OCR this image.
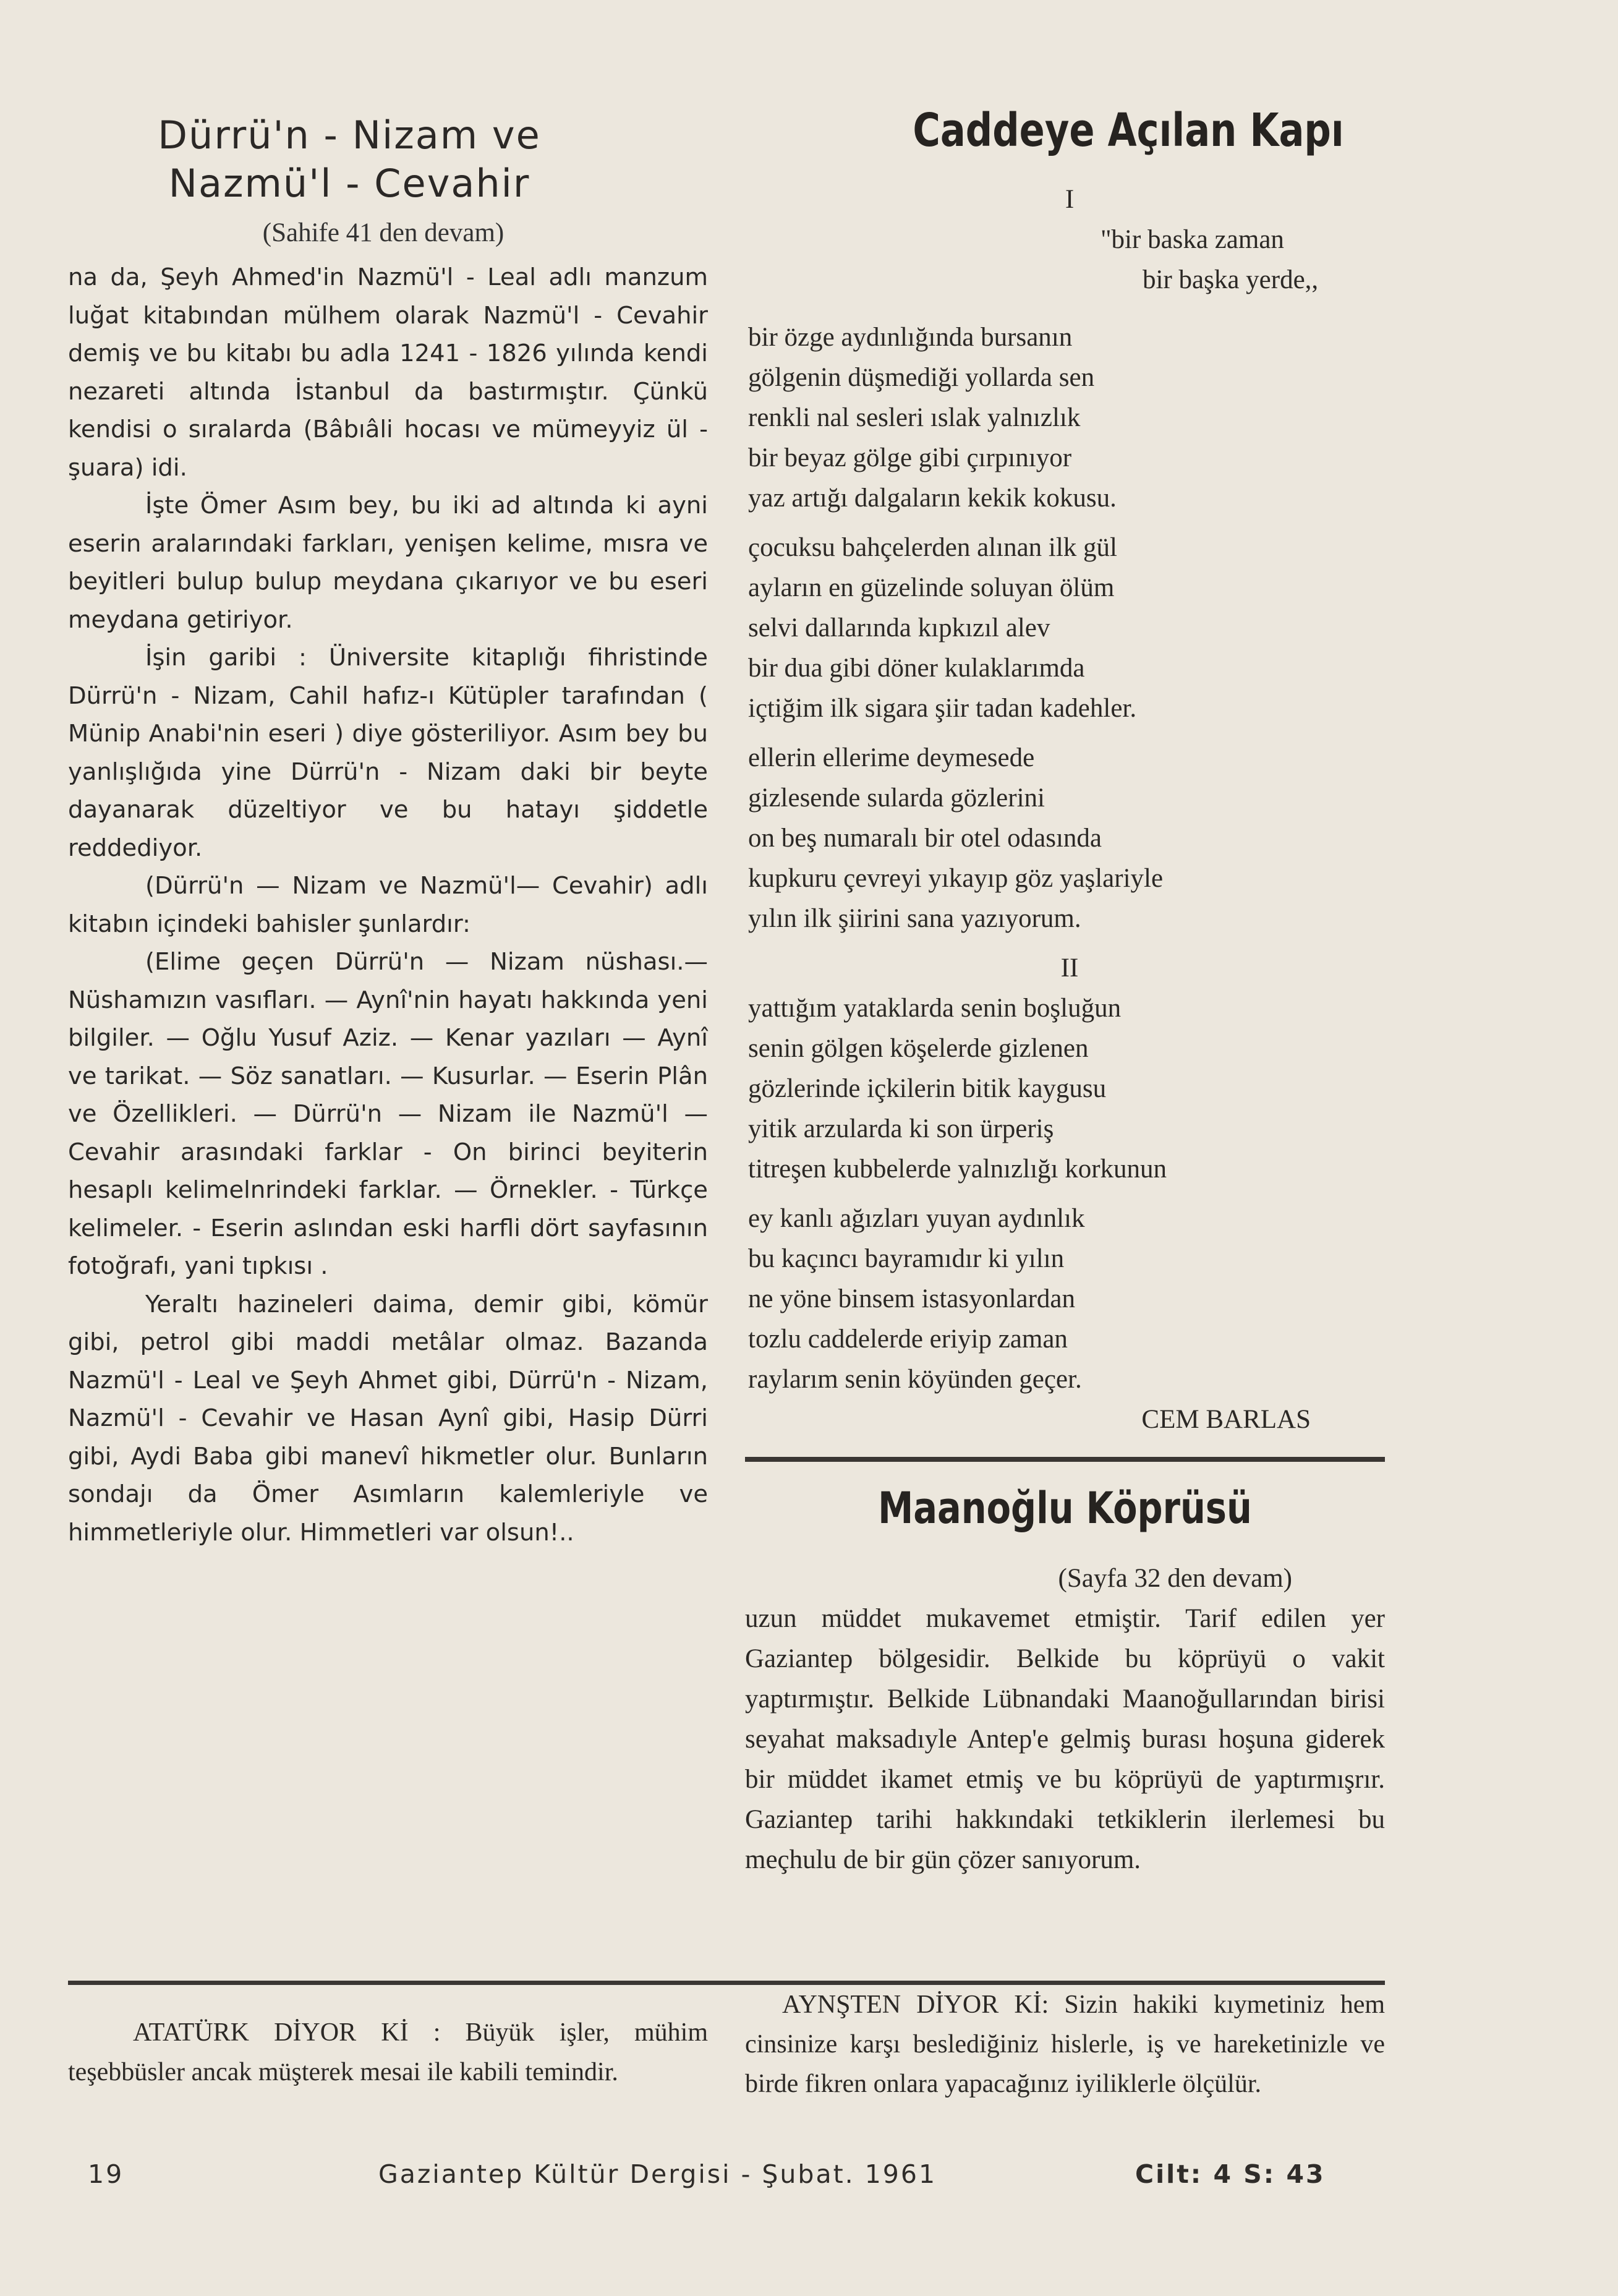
Dürrü'n - Nizam ve
Nazmü'l - Cevahir
(Sahife 41 den devam)

na da, Şeyh Ahmed'in Nazmü'l - Leal adlı manzum luğat kitabından mülhem olarak Nazmü'l - Cevahir demiş ve bu kitabı bu adla 1241 - 1826 yılında kendi nezareti altında İstanbul da bastırmıştır. Çünkü kendisi o sıralarda (Bâbıâli hocası ve mümeyyiz ül - şuara) idi.

İşte Ömer Asım bey, bu iki ad altında ki ayni eserin aralarındaki farkları, yenişen kelime, mısra ve beyitleri bulup bulup meydana çıkarıyor ve bu eseri meydana getiriyor.

İşin garibi : Üniversite kitaplığı fihristinde Dürrü'n - Nizam, Cahil hafız-ı Kütüpler tarafından ( Münip Anabi'nin eseri ) diye gösteriliyor. Asım bey bu yanlışlığıda yine Dürrü'n - Nizam daki bir beyte dayanarak düzeltiyor ve bu hatayı şiddetle reddediyor.

(Dürrü'n — Nizam ve Nazmü'l— Cevahir) adlı kitabın içindeki bahisler şunlardır:

(Elime geçen Dürrü'n — Nizam nüshası.— Nüshamızın vasıfları. — Aynî'nin hayatı hakkında yeni bilgiler. — Oğlu Yusuf Aziz. — Kenar yazıları — Aynî ve tarikat. — Söz sanatları. — Kusurlar. — Eserin Plân ve Özellikleri. — Dürrü'n — Nizam ile Nazmü'l — Cevahir arasındaki farklar - On birinci beyiterin hesaplı kelimelnrindeki farklar. — Örnekler. - Türkçe kelimeler. - Eserin aslından eski harfli dört sayfasının fotoğrafı, yani tıpkısı .

Yeraltı hazineleri daima, demir gibi, kömür gibi, petrol gibi maddi metâlar olmaz. Bazanda Nazmü'l - Leal ve Şeyh Ahmet gibi, Dürrü'n - Nizam, Nazmü'l - Cevahir ve Hasan Aynî gibi, Hasip Dürri gibi, Aydi Baba gibi manevî hikmetler olur. Bunların sondajı da Ömer Asımların kalemleriyle ve himmetleriyle olur. Himmetleri var olsun!..

Caddeye Açılan Kapı
I
"bir baska zaman
bir başka yerde,,
bir özge aydınlığında bursanın
gölgenin düşmediği yollarda sen
renkli nal sesleri ıslak yalnızlık
bir beyaz gölge gibi çırpınıyor
yaz artığı dalgaların kekik kokusu.
çocuksu bahçelerden alınan ilk gül
ayların en güzelinde soluyan ölüm
selvi dallarında kıpkızıl alev
bir dua gibi döner kulaklarımda
içtiğim ilk sigara şiir tadan kadehler.
ellerin ellerime deymesede
gizlesende sularda gözlerini
on beş numaralı bir otel odasında
kupkuru çevreyi yıkayıp göz yaşlariyle
yılın ilk şiirini sana yazıyorum.
II
yattığım yataklarda senin boşluğun
senin gölgen köşelerde gizlenen
gözlerinde içkilerin bitik kaygusu
yitik arzularda ki son ürperiş
titreşen kubbelerde yalnızlığı korkunun
ey kanlı ağızları yuyan aydınlık
bu kaçıncı bayramıdır ki yılın
ne yöne binsem istasyonlardan
tozlu caddelerde eriyip zaman
raylarım senin köyünden geçer.
CEM BARLAS
Maanoğlu Köprüsü
(Sayfa 32 den devam)

uzun müddet mukavemet etmiştir. Tarif edilen yer Gaziantep bölgesidir. Belkide bu köprüyü o vakit yaptırmıştır. Belkide Lübnandaki Maanoğullarından birisi seyahat maksadıyle Antep'e gelmiş burası hoşuna giderek bir müddet ikamet etmiş ve bu köprüyü de yaptırmışrır. Gaziantep tarihi hakkındaki tetkiklerin ilerlemesi bu meçhulu de bir gün çözer sanıyorum.

ATATÜRK DİYOR Kİ : Büyük işler, mühim teşebbüsler ancak müşterek mesai ile kabili temindir.

AYNŞTEN DİYOR Kİ: Sizin hakiki kıymetiniz hem cinsinize karşı beslediğiniz hislerle, iş ve hareketinizle ve birde fikren onlara yapacağınız iyiliklerle ölçülür.

19	Gaziantep Kültür Dergisi - Şubat. 1961	Cilt: 4 S: 43
